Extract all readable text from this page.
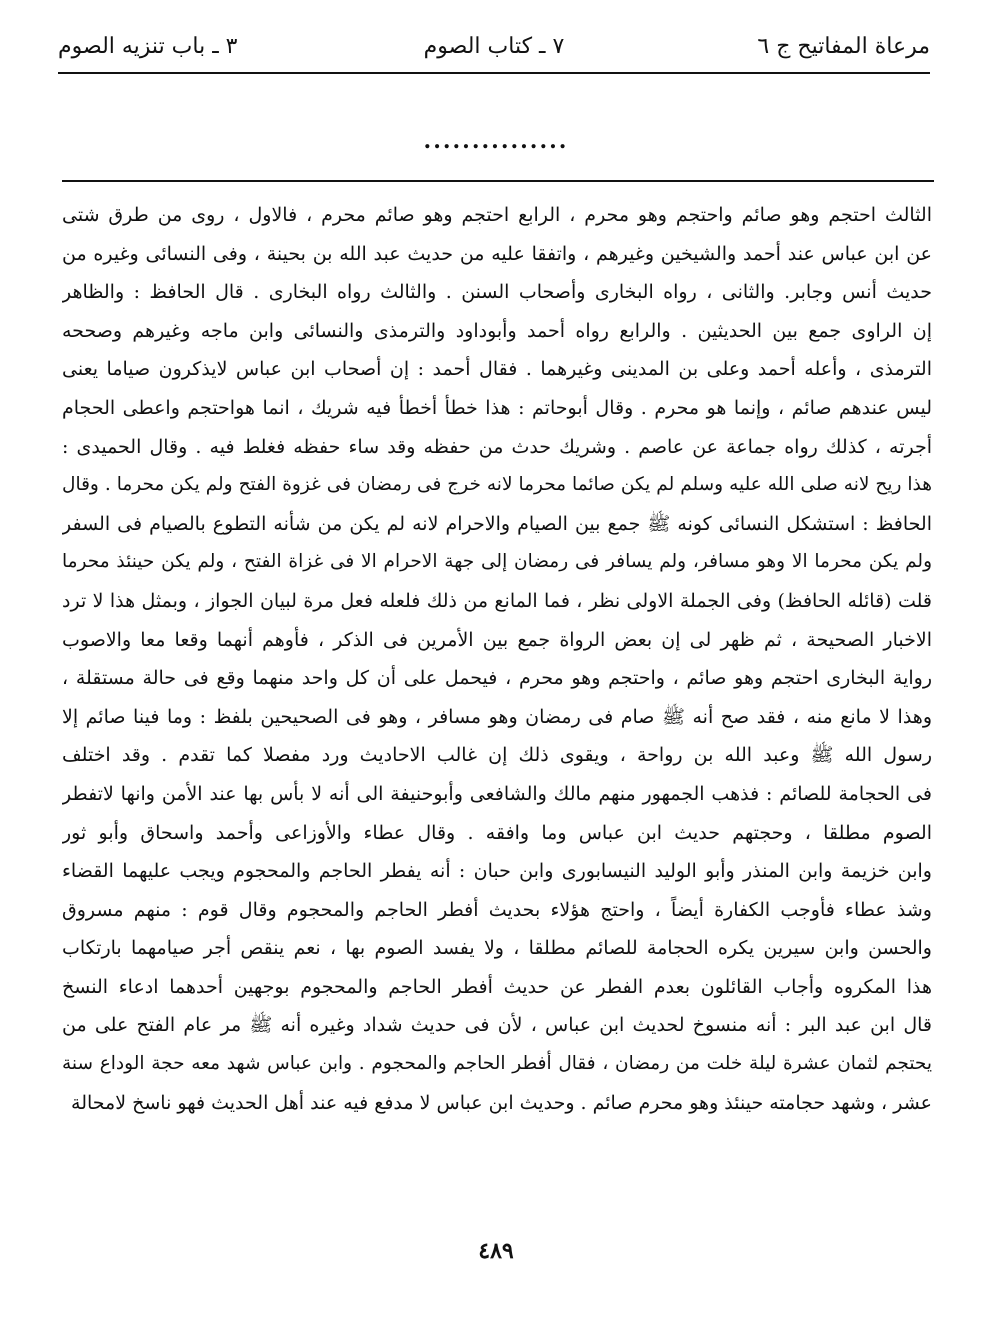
مرعاة المفاتيح ج ٦
٧ ـ كتاب الصوم
٣ ـ باب تنزيه الصوم
...............
الثالث احتجم وهو صائم واحتجم وهو محرم ، الرابع احتجم وهو صائم محرم ، فالاول ، روى من طرق شتى
عن ابن عباس عند أحمد والشيخين وغيرهم ، واتفقا عليه من حديث عبد الله بن بحينة ، وفى النسائى وغيره من
حديث أنس وجابر. والثانى ، رواه البخارى وأصحاب السنن . والثالث رواه البخارى . قال الحافظ : والظاهر
إن الراوى جمع بين الحديثين . والرابع رواه أحمد وأبوداود والترمذى والنسائى وابن ماجه وغيرهم وصححه
الترمذى ، وأعله أحمد وعلى بن المدينى وغيرهما . فقال أحمد : إن أصحاب ابن عباس لايذكرون صياما يعنى
ليس عندهم صائم ، وإنما هو محرم . وقال أبوحاتم : هذا خطأ أخطأ فيه شريك ، انما هواحتجم واعطى الحجام
أجرته ، كذلك رواه جماعة عن عاصم . وشريك حدث من حفظه وقد ساء حفظه فغلط فيه . وقال الحميدى :
هذا ريح لانه صلى الله عليه وسلم لم يكن صائما محرما لانه خرج فى رمضان فى غزوة الفتح ولم يكن محرما . وقال
الحافظ : استشكل النسائى كونه ﷺ جمع بين الصيام والاحرام لانه لم يكن من شأنه التطوع بالصيام فى السفر
ولم يكن محرما الا وهو مسافر، ولم يسافر فى رمضان إلى جهة الاحرام الا فى غزاة الفتح ، ولم يكن حينئذ محرما
قلت (قائله الحافظ) وفى الجملة الاولى نظر ، فما المانع من ذلك فلعله فعل مرة لبيان الجواز ، وبمثل هذا لا ترد
الاخبار الصحيحة ، ثم ظهر لى إن بعض الرواة جمع بين الأمرين فى الذكر ، فأوهم أنهما وقعا معا والاصوب
رواية البخارى احتجم وهو صائم ، واحتجم وهو محرم ، فيحمل على أن كل واحد منهما وقع فى حالة مستقلة ،
وهذا لا مانع منه ، فقد صح أنه ﷺ صام فى رمضان وهو مسافر ، وهو فى الصحيحين بلفظ : وما فينا صائم إلا
رسول الله ﷺ وعبد الله بن رواحة ، ويقوى ذلك إن غالب الاحاديث ورد مفصلا كما تقدم . وقد اختلف
فى الحجامة للصائم : فذهب الجمهور منهم مالك والشافعى وأبوحنيفة الى أنه لا بأس بها عند الأمن وانها لاتفطر
الصوم مطلقا ، وحجتهم حديث ابن عباس وما وافقه . وقال عطاء والأوزاعى وأحمد واسحاق وأبو ثور
وابن خزيمة وابن المنذر وأبو الوليد النيسابورى وابن حبان : أنه يفطر الحاجم والمحجوم ويجب عليهما القضاء
وشذ عطاء فأوجب الكفارة أيضاً ، واحتج هؤلاء بحديث أفطر الحاجم والمحجوم وقال قوم : منهم مسروق
والحسن وابن سيرين يكره الحجامة للصائم مطلقا ، ولا يفسد الصوم بها ، نعم ينقص أجر صيامهما بارتكاب
هذا المكروه وأجاب القائلون بعدم الفطر عن حديث أفطر الحاجم والمحجوم بوجهين أحدهما ادعاء النسخ
قال ابن عبد البر : أنه منسوخ لحديث ابن عباس ، لأن فى حديث شداد وغيره أنه ﷺ مر عام الفتح على من
يحتجم لثمان عشرة ليلة خلت من رمضان ، فقال أفطر الحاجم والمحجوم . وابن عباس شهد معه حجة الوداع سنة
عشر ، وشهد حجامته حينئذ وهو محرم صائم . وحديث ابن عباس لا مدفع فيه عند أهل الحديث فهو ناسخ لامحالة
٤٨٩
